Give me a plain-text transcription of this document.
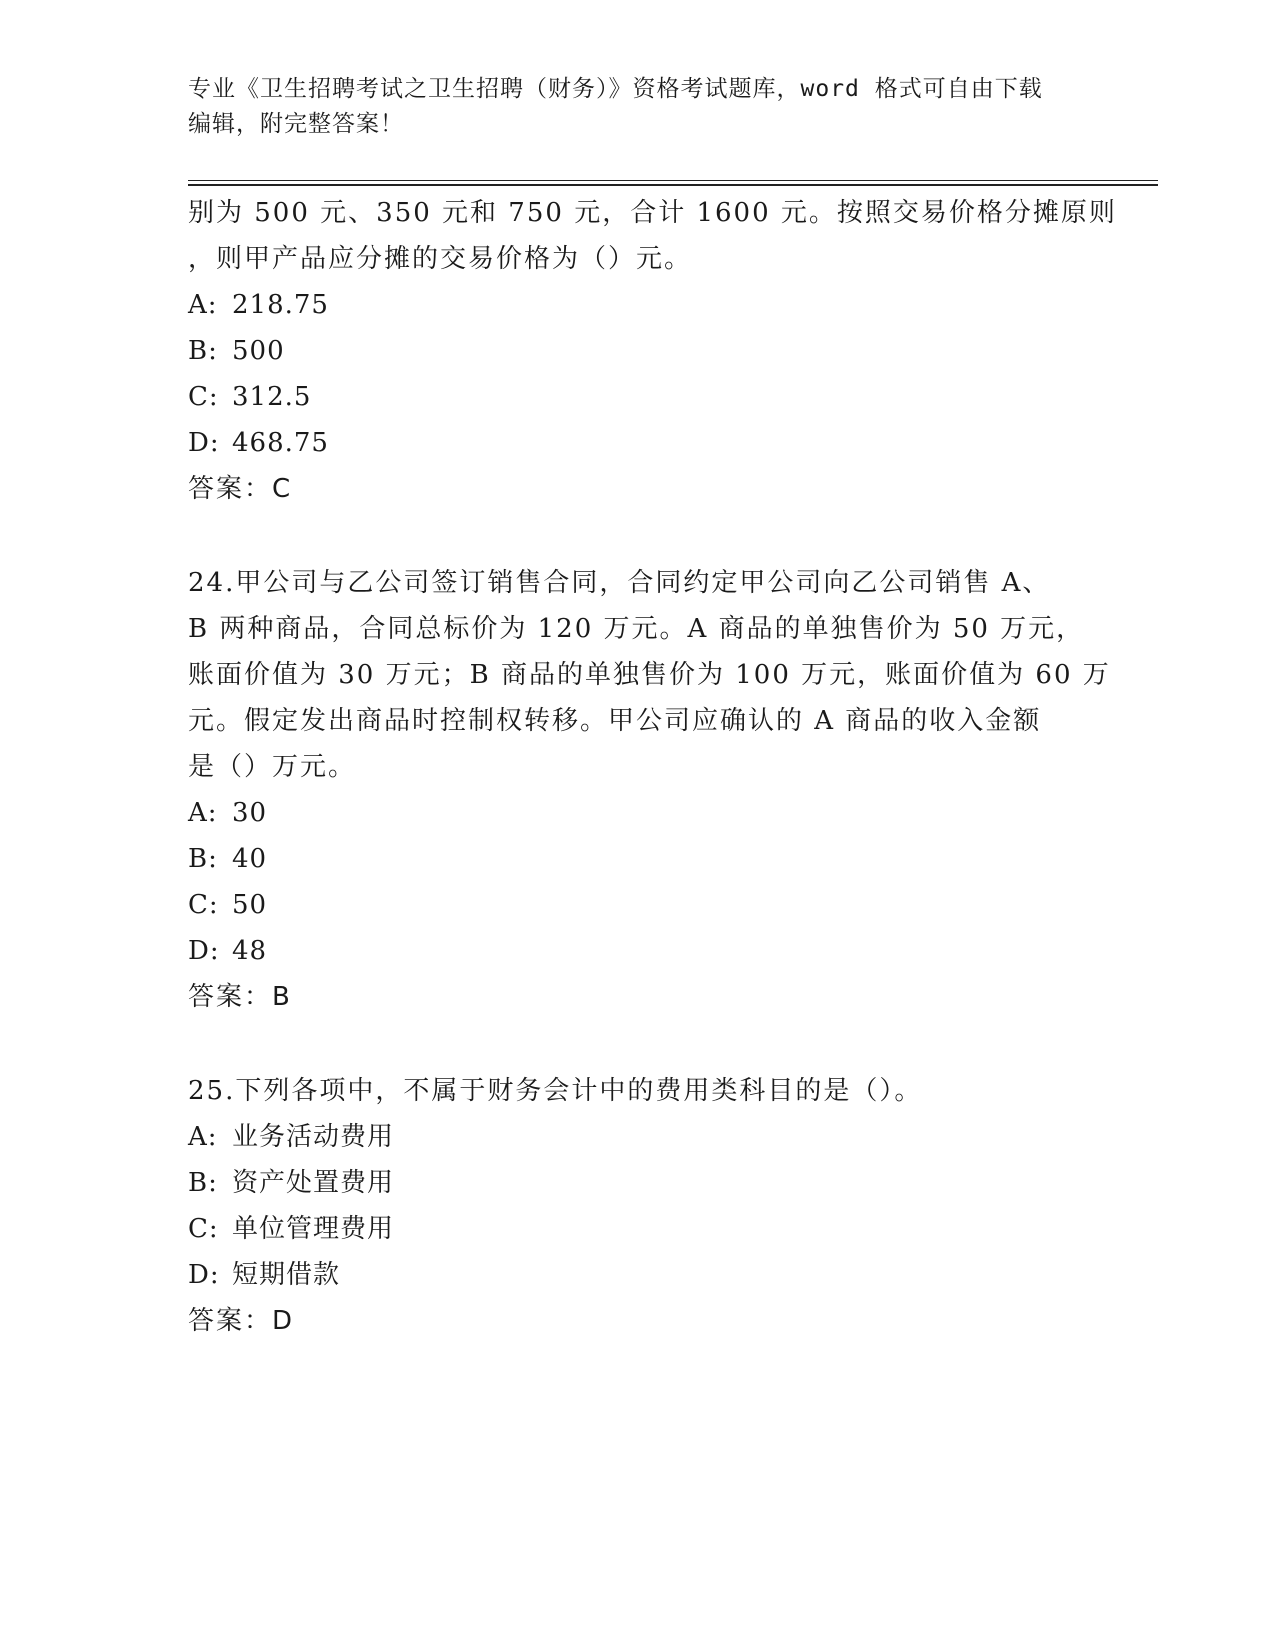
专业《卫生招聘考试之卫生招聘（财务）》资格考试题库，word 格式可自由下载
编辑，附完整答案！
别为 500 元、350 元和 750 元，合计 1600 元。按照交易价格分摊原则
，则甲产品应分摊的交易价格为（）元。
A: 218.75
B: 500
C: 312.5
D: 468.75
答案：C
24.甲公司与乙公司签订销售合同，合同约定甲公司向乙公司销售 A、
B 两种商品，合同总标价为 120 万元。A 商品的单独售价为 50 万元，
账面价值为 30 万元；B 商品的单独售价为 100 万元，账面价值为 60 万
元。假定发出商品时控制权转移。甲公司应确认的 A 商品的收入金额
是（）万元。
A: 30
B: 40
C: 50
D: 48
答案：B
25.下列各项中，不属于财务会计中的费用类科目的是（）。
A: 业务活动费用
B: 资产处置费用
C: 单位管理费用
D: 短期借款
答案：D
